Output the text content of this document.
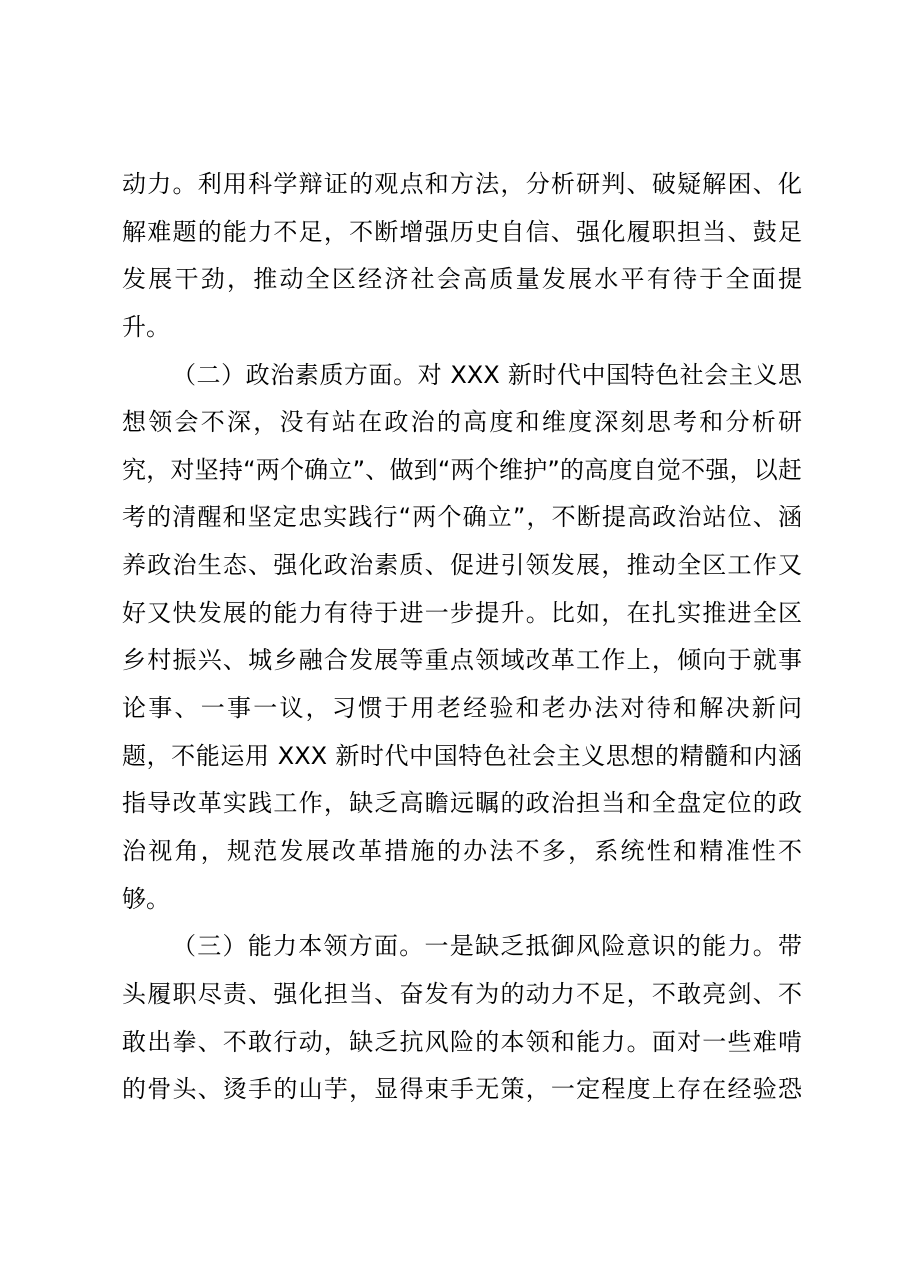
动力。利用科学辩证的观点和方法，分析研判、破疑解困、化
解难题的能力不足，不断增强历史自信、强化履职担当、鼓足
发展干劲，推动全区经济社会高质量发展水平有待于全面提
升。
（二）政治素质方面。对 XXX 新时代中国特色社会主义思
想领会不深，没有站在政治的高度和维度深刻思考和分析研
究，对坚持“两个确立”、做到“两个维护”的高度自觉不强，以赶
考的清醒和坚定忠实践行“两个确立”，不断提高政治站位、涵
养政治生态、强化政治素质、促进引领发展，推动全区工作又
好又快发展的能力有待于进一步提升。比如，在扎实推进全区
乡村振兴、城乡融合发展等重点领域改革工作上，倾向于就事
论事、一事一议，习惯于用老经验和老办法对待和解决新问
题，不能运用 XXX 新时代中国特色社会主义思想的精髓和内涵
指导改革实践工作，缺乏高瞻远瞩的政治担当和全盘定位的政
治视角，规范发展改革措施的办法不多，系统性和精准性不
够。
（三）能力本领方面。一是缺乏抵御风险意识的能力。带
头履职尽责、强化担当、奋发有为的动力不足，不敢亮剑、不
敢出拳、不敢行动，缺乏抗风险的本领和能力。面对一些难啃
的骨头、烫手的山芋，显得束手无策，一定程度上存在经验恐
